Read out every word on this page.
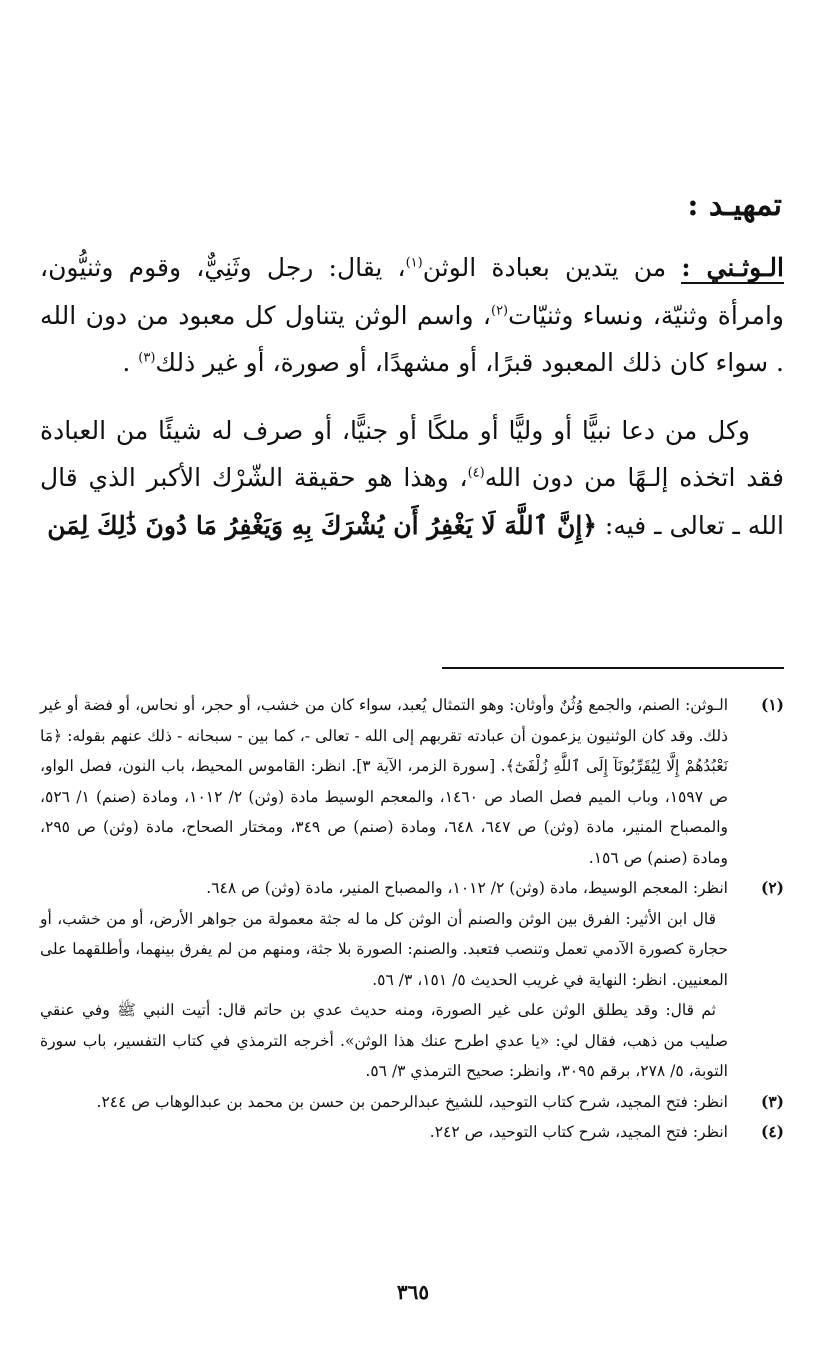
تمهيـد :

الـوثـني : من يتدين بعبادة الوثن$^{(١)}$، يقال: رجل وثَنِيٌّ، وقوم وثنيُّون، وامرأة وثنيّة، ونساء وثنيّات$^{(٢)}$، واسم الوثن يتناول كل معبود من دون الله . سواء كان ذلك المعبود قبرًا، أو مشهدًا، أو صورة، أو غير ذلك$^{(٣)}$ .

وكل من دعا نبيًّا أو وليًّا أو ملكًا أو جنيًّا، أو صرف له شيئًا من العبادة فقد اتخذه إلـهًا من دون الله$^{(٤)}$، وهذا هو حقيقة الشّرْك الأكبر الذي قال الله ـ تعالى ـ فيه: ﴿إِنَّ ٱللَّهَ لَا يَغْفِرُ أَن يُشْرَكَ بِهِ وَيَغْفِرُ مَا دُونَ ذَٰلِكَ لِمَن

(١)

الـوثن: الصنم، والجمع وُثُنٌ وأوثان: وهو التمثال يُعبد، سواء كان من خشب، أو حجر، أو نحاس، أو فضة أو غير ذلك. وقد كان الوثنيون يزعمون أن عبادته تقربهم إلى الله - تعالى -، كما بين - سبحانه - ذلك عنهم بقوله: ﴿مَا نَعْبُدُهُمْ إِلَّا لِيُقَرِّبُونَآ إِلَى ٱللَّهِ زُلْفَىٰٓ﴾. [سورة الزمر، الآية ٣]. انظر: القاموس المحيط، باب النون، فصل الواو، ص ١٥٩٧، وباب الميم فصل الصاد ص ١٤٦٠، والمعجم الوسيط مادة (وثن) ٢/ ١٠١٢، ومادة (صنم) ١/ ٥٢٦، والمصباح المنير، مادة (وثن) ص ٦٤٧، ٦٤٨، ومادة (صنم) ص ٣٤٩، ومختار الصحاح، مادة (وثن) ص ٢٩٥، ومادة (صنم) ص ١٥٦.

(٢)

انظر: المعجم الوسيط، مادة (وثن) ٢/ ١٠١٢، والمصباح المنير، مادة (وثن) ص ٦٤٨.

قال ابن الأثير: الفرق بين الوثن والصنم أن الوثن كل ما له جثة معمولة من جواهر الأرض، أو من خشب، أو حجارة كصورة الآدمي تعمل وتنصب فتعبد. والصنم: الصورة بلا جثة، ومنهم من لم يفرق بينهما، وأطلقهما على المعنيين. انظر: النهاية في غريب الحديث ٥/ ١٥١، ٣/ ٥٦.

ثم قال: وقد يطلق الوثن على غير الصورة، ومنه حديث عدي بن حاتم قال: أتيت النبي ﷺ وفي عنقي صليب من ذهب، فقال لي: «يا عدي اطرح عنك هذا الوثن». أخرجه الترمذي في كتاب التفسير، باب سورة التوبة، ٥/ ٢٧٨، برقم ٣٠٩٥، وانظر: صحيح الترمذي ٣/ ٥٦.

(٣)

انظر: فتح المجيد، شرح كتاب التوحيد، للشيخ عبدالرحمن بن حسن بن محمد بن عبدالوهاب ص ٢٤٤.

(٤)

انظر: فتح المجيد، شرح كتاب التوحيد، ص ٢٤٢.

٣٦٥
